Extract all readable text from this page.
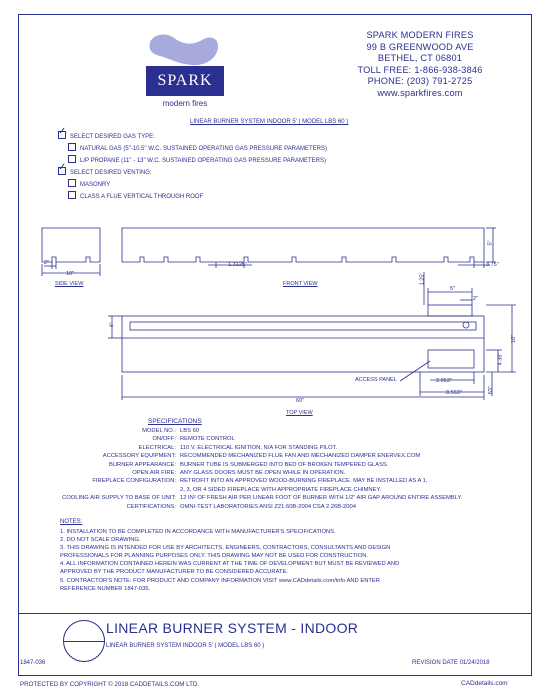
SPARK
modern fires
SPARK MODERN FIRES
99 B GREENWOOD AVE
BETHEL, CT 06801
TOLL FREE: 1-866-938-3846
PHONE: (203) 791-2725
www.sparkfires.com
LINEAR BURNER SYSTEM INDOOR 5' ( MODEL LBS 60 )
✓SELECT DESIRED GAS TYPE:
NATURAL GAS (5"-10.5" W.C. SUSTAINED OPERATING GAS PRESSURE PARAMETERS)
L/P PROPANE (11" - 13" W.C. SUSTAINED OPERATING GAS PRESSURE PARAMETERS)
✓SELECT DESIRED VENTING:
MASONRY
CLASS A FLUE VERTICAL THROUGH ROOF
SIDE VIEW	FRONT VIEW
TOP VIEW
ACCESS PANEL
2"
10"
1.3125"
5"
3.75"
1.25"
5"
2"
4"
10"
4.38"
.63"
2.063"
8.563"
60"
SPECIFICATIONS
MODEL NO.: LBS 60
ON/OFF: REMOTE CONTROL
ELECTRICAL: 110 V. ELECTRICAL IGNITION, N/A FOR STANDING PILOT.
ACCESSORY EQUIPMENT: RECOMMENDED MECHANIZED FLUE FAN AND MECHANIZED DAMPER ENERVEX.COM
BURNER APPEARANCE: BURNER TUBE IS SUBMERGED INTO BED OF BROKEN TEMPERED GLASS.
OPEN AIR FIRE: ANY GLASS DOORS MUST BE OPEN WHILE IN OPERATION.
FIREPLACE CONFIGURATION: RETROFIT INTO AN APPROVED WOOD-BURNING FIREPLACE. MAY BE INSTALLED AS A 1,
2, 3, OR 4 SIDED FIREPLACE WITH APPROPRIATE FIREPLACE CHIMNEY.
COOLING AIR SUPPLY TO BASE OF UNIT: 12 IN² OF FRESH AIR PER LINEAR FOOT OF BURNER WITH 1/2" AIR GAP AROUND ENTIRE ASSEMBLY.
CERTIFICATIONS: OMNI-TEST LABORATORIES ANSI Z21.60B-2004 CSA 2.26B-2004
NOTES:
1. INSTALLATION TO BE COMPLETED IN ACCORDANCE WITH MANUFACTURER'S SPECIFICATIONS.
2. DO NOT SCALE DRAWING.
3. THIS DRAWING IS INTENDED FOR USE BY ARCHITECTS, ENGINEERS, CONTRACTORS, CONSULTANTS AND DESIGN
PROFESSIONALS FOR PLANNING PURPOSES ONLY. THIS DRAWING MAY NOT BE USED FOR CONSTRUCTION.
4. ALL INFORMATION CONTAINED HEREIN WAS CURRENT AT THE TIME OF DEVELOPMENT BUT MUST BE REVIEWED AND
APPROVED BY THE PRODUCT MANUFACTURER TO BE CONSIDERED ACCURATE.
5. CONTRACTOR'S NOTE: FOR PRODUCT AND COMPANY INFORMATION VISIT www.CADdetails.com/info AND ENTER
REFERENCE NUMBER 1847-036.
LINEAR BURNER SYSTEM - INDOOR
LINEAR BURNER SYSTEM INDOOR 5' ( MODEL LBS 60 )
1847-036	REVISION DATE 01/24/2018
PROTECTED BY COPYRIGHT © 2018 CADDETAILS.COM LTD.	CADdetails.com
